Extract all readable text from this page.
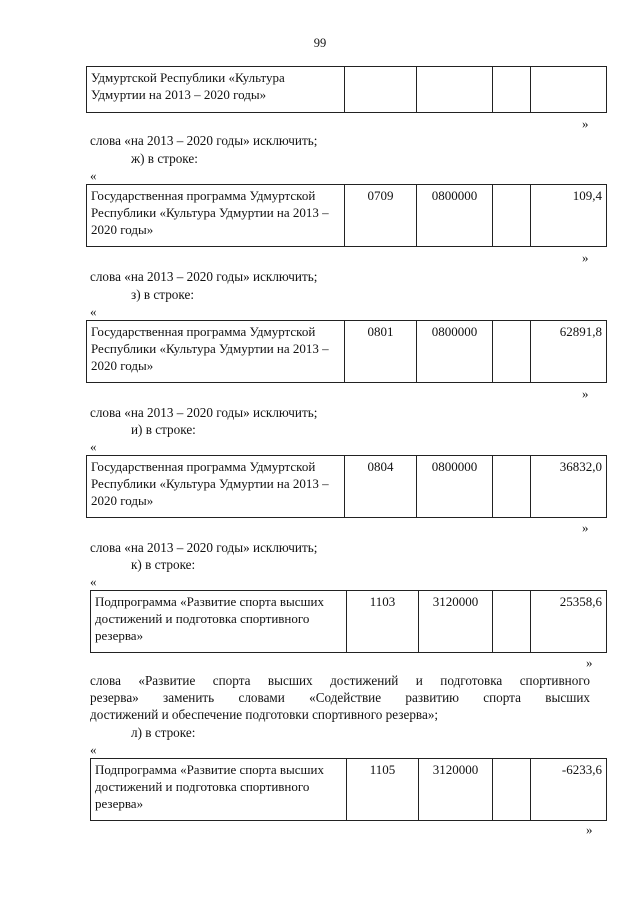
99
Удмуртской Республики «Культура Удмуртии на 2013 – 2020 годы»				
»
слова «на 2013 – 2020 годы» исключить;
ж) в строке:
«
Государственная программа Удмуртской Республики «Культура Удмуртии на 2013 – 2020 годы»	0709	0800000		109,4
»
слова «на 2013 – 2020 годы» исключить;
з) в строке:
«
Государственная программа Удмуртской Республики «Культура Удмуртии на 2013 – 2020 годы»	0801	0800000		62891,8
»
слова «на 2013 – 2020 годы» исключить;
и) в строке:
«
Государственная программа Удмуртской Республики «Культура Удмуртии на 2013 – 2020 годы»	0804	0800000		36832,0
»
слова «на 2013 – 2020 годы» исключить;
к) в строке:
«
Подпрограмма «Развитие спорта высших достижений и подготовка спортивного резерва»	1103	3120000		25358,6
»
слова «Развитие спорта высших достижений и подготовка спортивного
резерва» заменить словами «Содействие развитию спорта высших
достижений и обеспечение подготовки спортивного резерва»;
л) в строке:
«
Подпрограмма «Развитие спорта высших достижений и подготовка спортивного резерва»	1105	3120000		-6233,6
»
